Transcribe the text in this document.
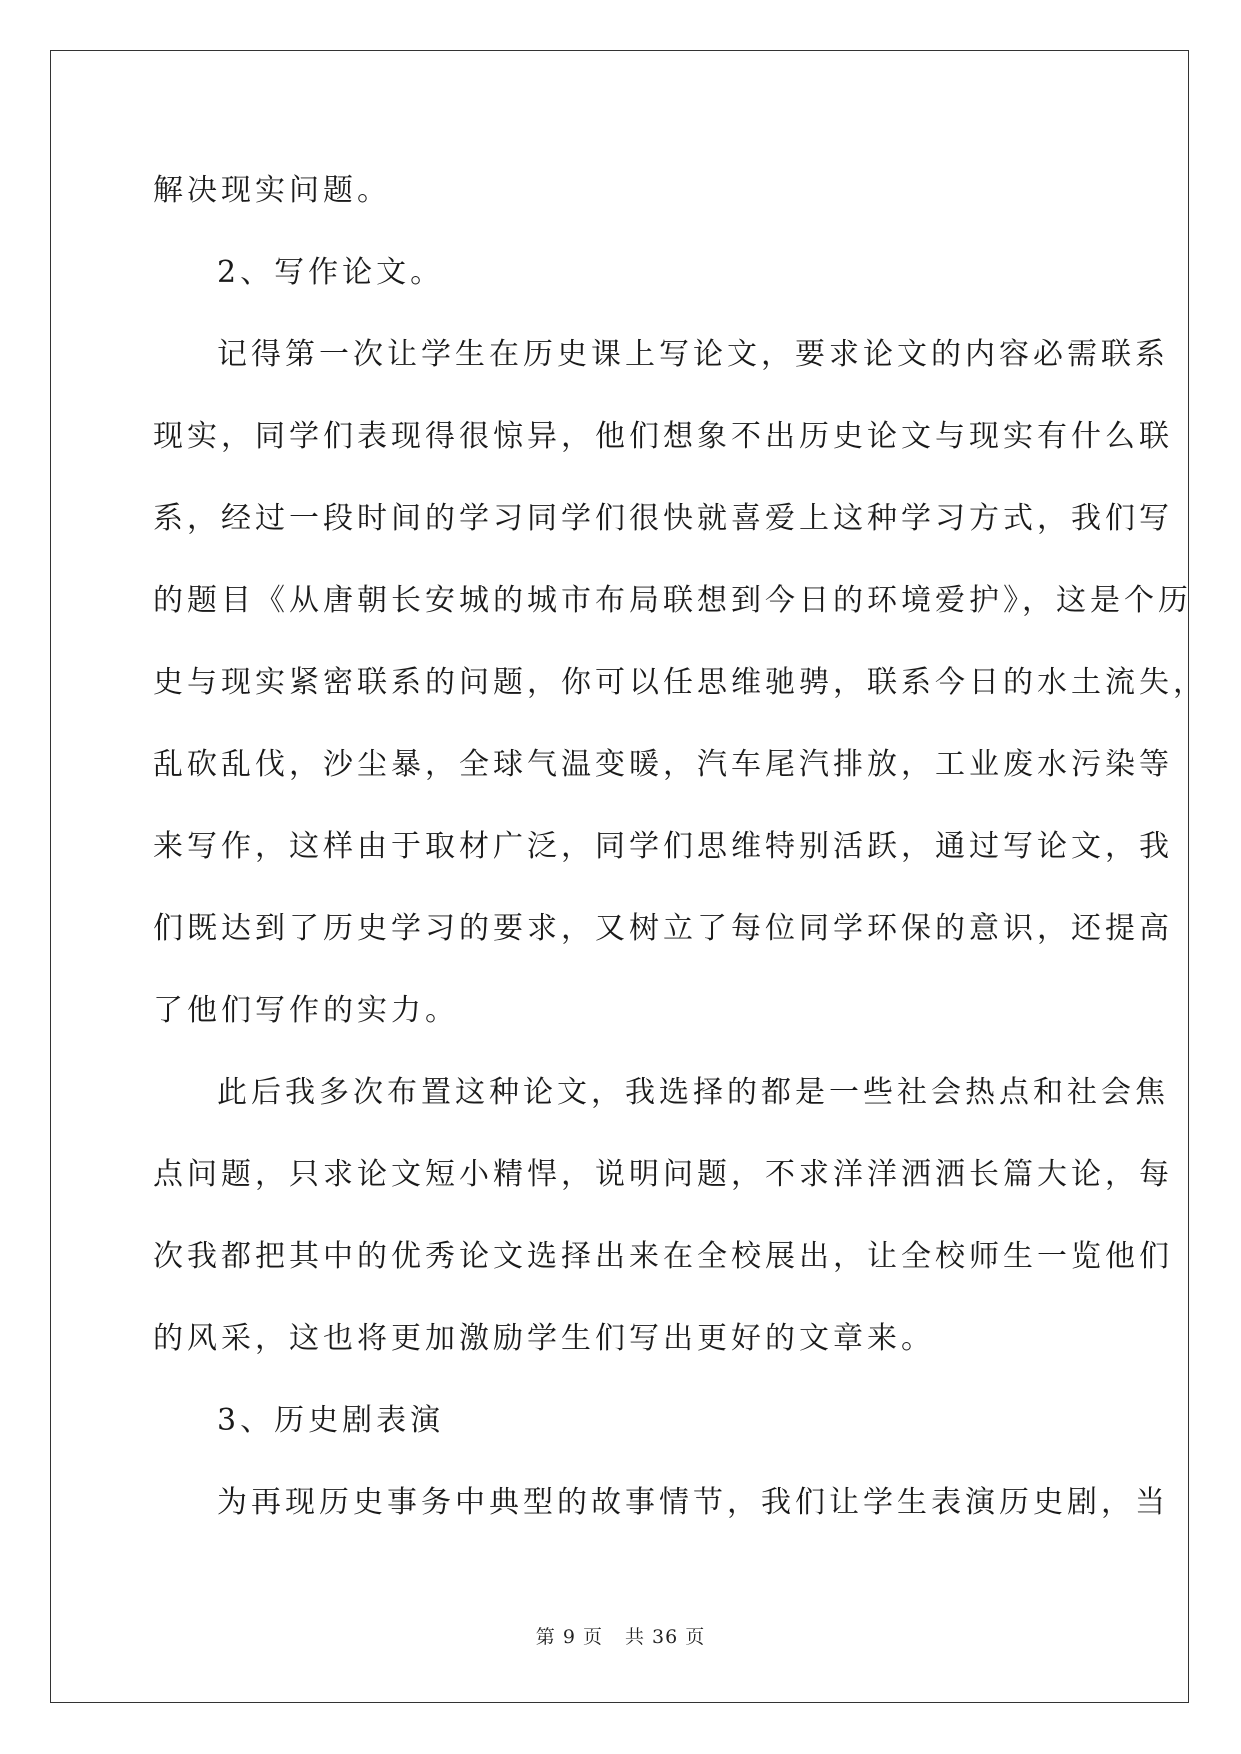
解决现实问题。

2、写作论文。

记得第一次让学生在历史课上写论文，要求论文的内容必需联系
现实，同学们表现得很惊异，他们想象不出历史论文与现实有什么联
系，经过一段时间的学习同学们很快就喜爱上这种学习方式，我们写
的题目《从唐朝长安城的城市布局联想到今日的环境爱护》，这是个历
史与现实紧密联系的问题，你可以任思维驰骋，联系今日的水土流失，
乱砍乱伐，沙尘暴，全球气温变暖，汽车尾汽排放，工业废水污染等
来写作，这样由于取材广泛，同学们思维特别活跃，通过写论文，我
们既达到了历史学习的要求，又树立了每位同学环保的意识，还提高
了他们写作的实力。

此后我多次布置这种论文，我选择的都是一些社会热点和社会焦
点问题，只求论文短小精悍，说明问题，不求洋洋洒洒长篇大论，每
次我都把其中的优秀论文选择出来在全校展出，让全校师生一览他们
的风采，这也将更加激励学生们写出更好的文章来。

3、历史剧表演

为再现历史事务中典型的故事情节，我们让学生表演历史剧，当

第 9 页 共 36 页
